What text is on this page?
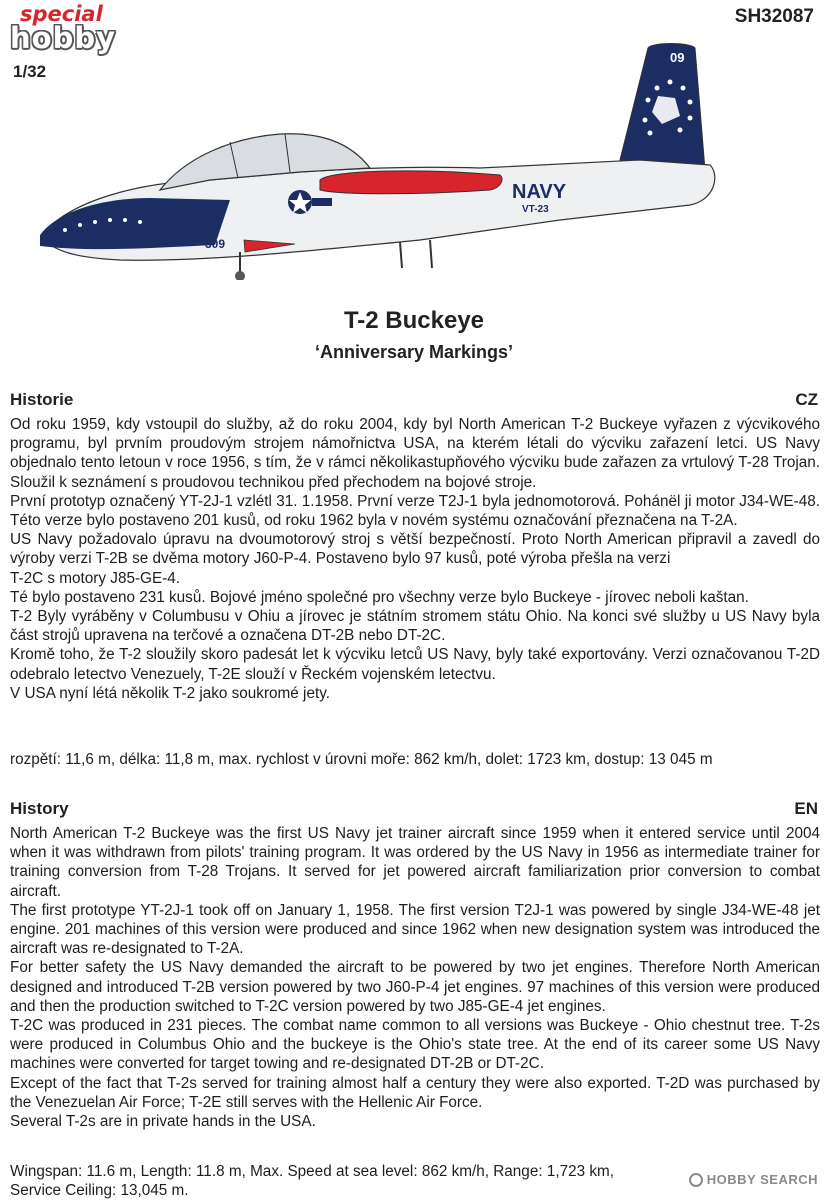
special
hobby
1/32
SH32087
09
NAVY
VT-23
309
T-2 Buckeye
‘Anniversary Markings’
Historie	CZ

Od roku 1959, kdy vstoupil do služby, až do roku 2004, kdy byl North American T-2 Buckeye vyřazen z výcvikového programu, byl prvním proudovým strojem námořnictva USA, na kterém létali do výcviku zařazení letci. US Navy objednalo tento letoun v roce 1956, s tím, že v rámci několikastupňového výcviku bude zařazen za vrtulový T-28 Trojan. Sloužil k seznámení s proudovou technikou před přechodem na bojové stroje.

První prototyp označený YT-2J-1 vzlétl 31. 1.1958. První verze T2J-1 byla jednomotorová. Pohánël ji motor J34-WE-48. Této verze bylo postaveno 201 kusů, od roku 1962 byla v novém systému označování přeznačena na T-2A.

US Navy požadovalo úpravu na dvoumotorový stroj s větší bezpečností. Proto North American připravil a zavedl do výroby verzi T-2B se dvěma motory J60-P-4. Postaveno bylo 97 kusů, poté výroba přešla na verzi

T-2C s motory J85-GE-4.

Té bylo postaveno 231 kusů. Bojové jméno společné pro všechny verze bylo Buckeye - jírovec neboli kaštan.

T-2 Byly vyráběny v Columbusu v Ohiu a jírovec je státním stromem státu Ohio. Na konci své služby u US Navy byla část strojů upravena na terčové a označena DT-2B nebo DT-2C.

Kromě toho, že T-2 sloužily skoro padesát let k výcviku letců US Navy, byly také exportovány. Verzi označovanou T-2D odebralo letectvo Venezuely, T-2E slouží v Řeckém vojenském letectvu.

V USA nyní létá několik T-2 jako soukromé jety.

rozpětí: 11,6 m, délka: 11,8 m, max. rychlost v úrovni moře: 862 km/h, dolet: 1723 km, dostup: 13 045 m
History	EN

North American T-2 Buckeye was the first US Navy jet trainer aircraft since 1959 when it entered service until 2004 when it was withdrawn from pilots' training program. It was ordered by the US Navy in 1956 as intermediate trainer for training conversion from T-28 Trojans. It served for jet powered aircraft familiarization prior conversion to combat aircraft.

The first prototype YT-2J-1 took off on January 1, 1958. The first version T2J-1 was powered by single J34-WE-48 jet engine. 201 machines of this version were produced and since 1962 when new designation system was introduced the aircraft was re-designated to T-2A.

For better safety the US Navy demanded the aircraft to be powered by two jet engines. Therefore North American designed and introduced T-2B version powered by two J60-P-4 jet engines. 97 machines of this version were produced and then the production switched to T-2C version powered by two J85-GE-4 jet engines.

T-2C was produced in 231 pieces. The combat name common to all versions was Buckeye - Ohio chestnut tree. T-2s were produced in Columbus Ohio and the buckeye is the Ohio's state tree. At the end of its career some US Navy machines were converted for target towing and re-designated DT-2B or DT-2C.

Except of the fact that T-2s served for training almost half a century they were also exported. T-2D was purchased by the Venezuelan Air Force; T-2E still serves with the Hellenic Air Force.

Several T-2s are in private hands in the USA.

Wingspan: 11.6 m, Length: 11.8 m, Max. Speed at sea level: 862 km/h, Range: 1,723 km,
Service Ceiling: 13,045 m.
HOBBY SEARCH
